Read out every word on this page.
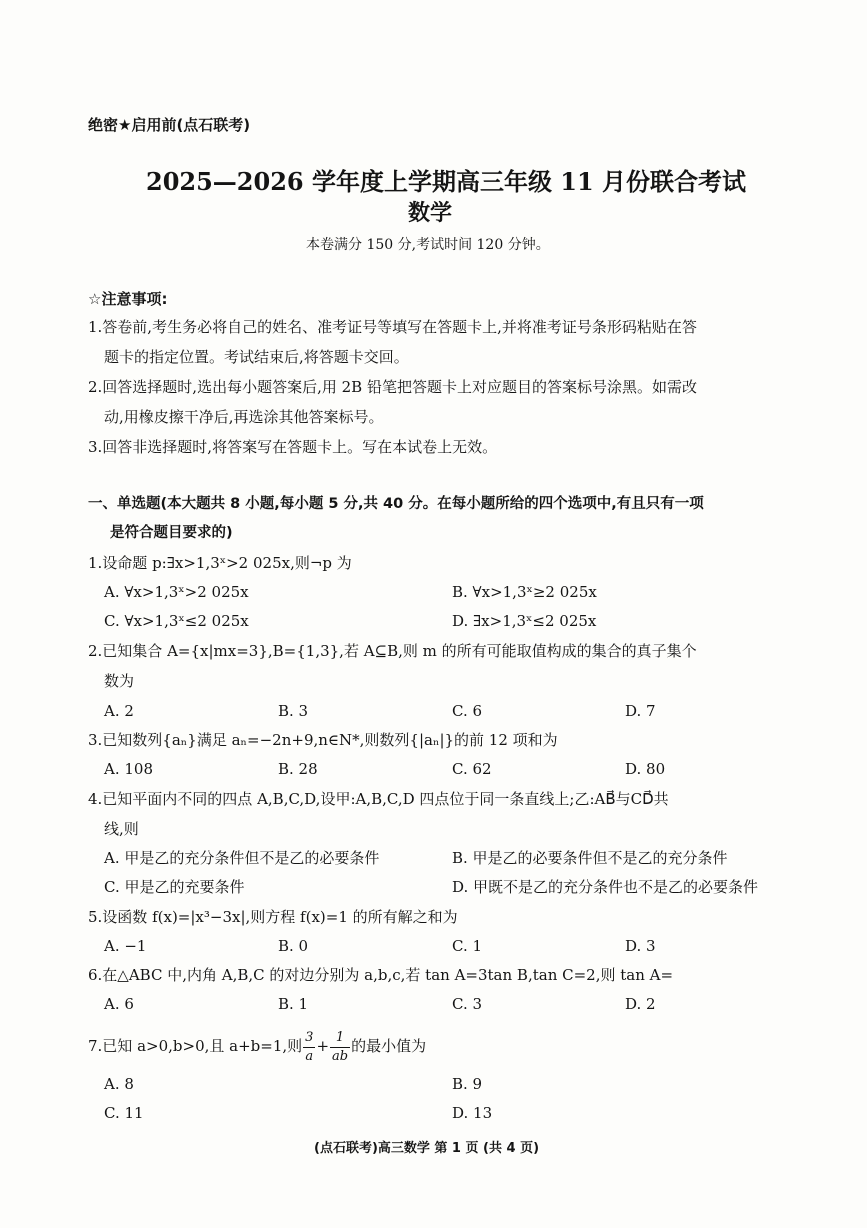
绝密★启用前(点石联考)
2025—2026 学年度上学期高三年级 11 月份联合考试
数学
本卷满分 150 分,考试时间 120 分钟。
☆注意事项:
1.答卷前,考生务必将自己的姓名、准考证号等填写在答题卡上,并将准考证号条形码粘贴在答
题卡的指定位置。考试结束后,将答题卡交回。
2.回答选择题时,选出每小题答案后,用 2B 铅笔把答题卡上对应题目的答案标号涂黑。如需改
动,用橡皮擦干净后,再选涂其他答案标号。
3.回答非选择题时,将答案写在答题卡上。写在本试卷上无效。
一、单选题(本大题共 8 小题,每小题 5 分,共 40 分。在每小题所给的四个选项中,有且只有一项
是符合题目要求的)
1.设命题 p:∃x>1,3ˣ>2 025x,则¬p 为
A. ∀x>1,3ˣ>2 025x	B. ∀x>1,3ˣ≥2 025x
C. ∀x>1,3ˣ≤2 025x	D. ∃x>1,3ˣ≤2 025x
2.已知集合 A={x|mx=3},B={1,3},若 A⊆B,则 m 的所有可能取值构成的集合的真子集个
数为
A. 2	B. 3	C. 6	D. 7
3.已知数列{aₙ}满足 aₙ=−2n+9,n∈N*,则数列{|aₙ|}的前 12 项和为
A. 108	B. 28	C. 62	D. 80
4.已知平面内不同的四点 A,B,C,D,设甲:A,B,C,D 四点位于同一条直线上;乙:AB⃗与CD⃗共
线,则
A. 甲是乙的充分条件但不是乙的必要条件	B. 甲是乙的必要条件但不是乙的充分条件
C. 甲是乙的充要条件	D. 甲既不是乙的充分条件也不是乙的必要条件
5.设函数 f(x)=|x³−3x|,则方程 f(x)=1 的所有解之和为
A. −1	B. 0	C. 1	D. 3
6.在△ABC 中,内角 A,B,C 的对边分别为 a,b,c,若 tan A=3tan B,tan C=2,则 tan A=
A. 6	B. 1	C. 3	D. 2
7.已知 a>0,b>0,且 a+b=1,则 $\frac{3}{a} + \frac{1}{ab}$ 的最小值为
A. 8	B. 9
C. 11	D. 13
(点石联考)高三数学 第 1 页 (共 4 页)
